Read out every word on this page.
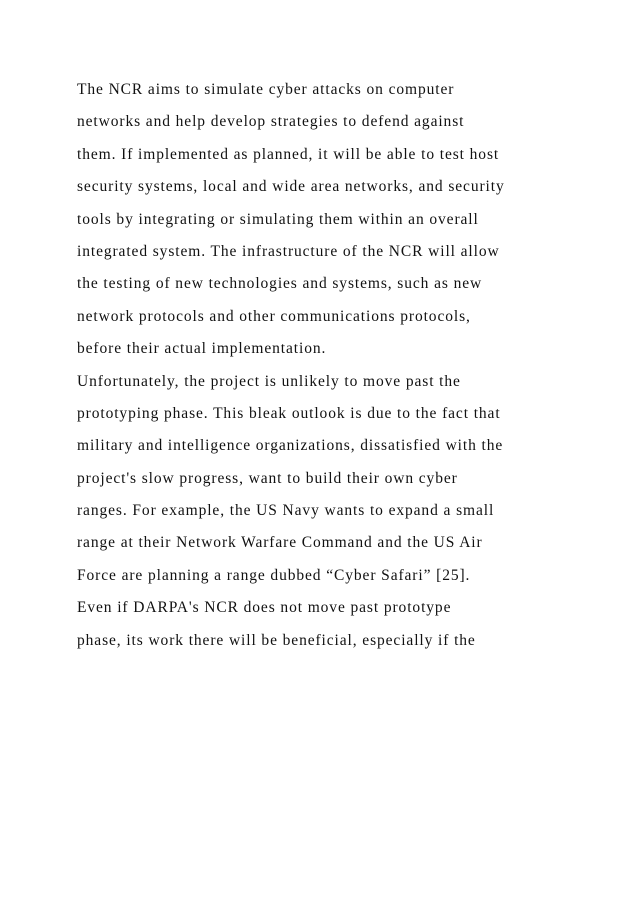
The NCR aims to simulate cyber attacks on computer
networks and help develop strategies to defend against
them. If implemented as planned, it will be able to test host
security systems, local and wide area networks, and security
tools by integrating or simulating them within an overall
integrated system. The infrastructure of the NCR will allow
the testing of new technologies and systems, such as new
network protocols and other communications protocols,
before their actual implementation.
Unfortunately, the project is unlikely to move past the
prototyping phase. This bleak outlook is due to the fact that
military and intelligence organizations, dissatisfied with the
project's slow progress, want to build their own cyber
ranges. For example, the US Navy wants to expand a small
range at their Network Warfare Command and the US Air
Force are planning a range dubbed “Cyber Safari” [25].
Even if DARPA's NCR does not move past prototype
phase, its work there will be beneficial, especially if the
